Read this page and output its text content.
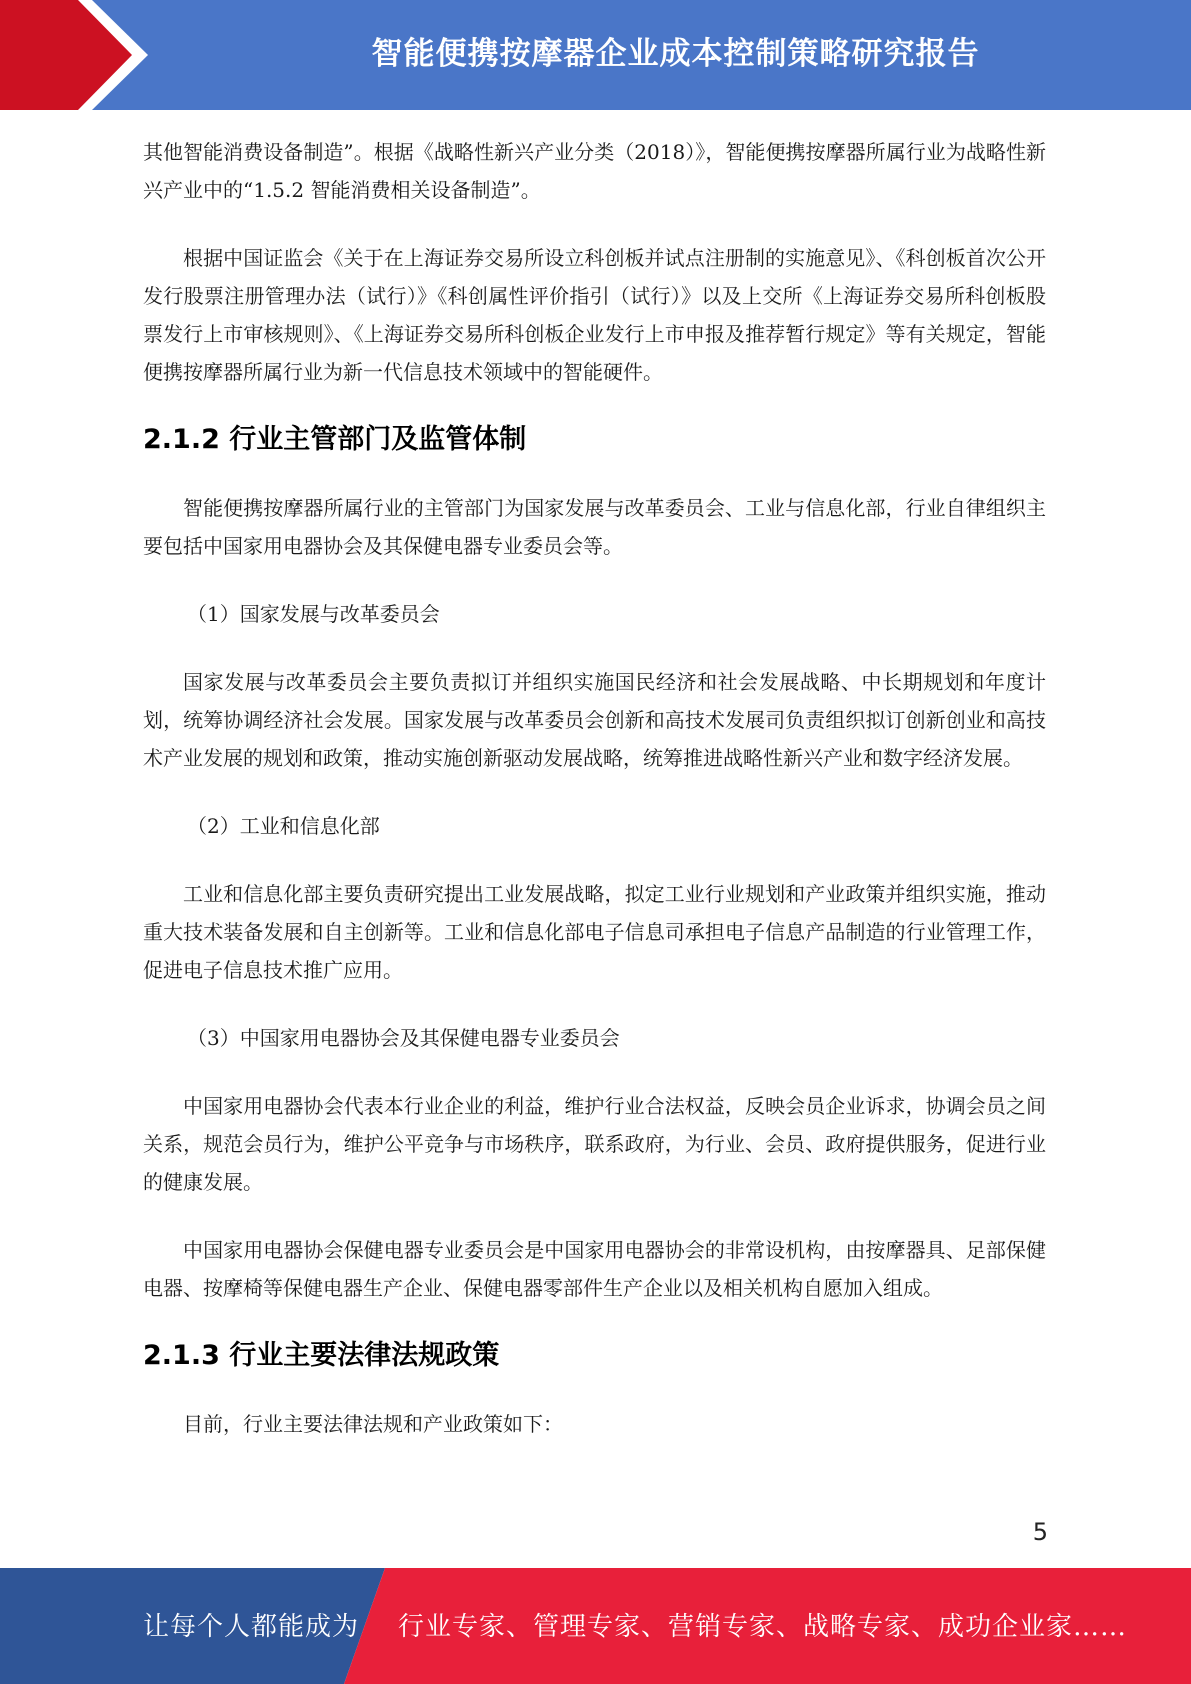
智能便携按摩器企业成本控制策略研究报告

其他智能消费设备制造”。根据《战略性新兴产业分类（2018）》，智能便携按摩器所属行业为战略性新兴产业中的“1.5.2 智能消费相关设备制造”。

根据中国证监会《关于在上海证券交易所设立科创板并试点注册制的实施意见》、《科创板首次公开发行股票注册管理办法（试行）》《科创属性评价指引（试行）》以及上交所《上海证券交易所科创板股票发行上市审核规则》、《上海证券交易所科创板企业发行上市申报及推荐暂行规定》等有关规定，智能便携按摩器所属行业为新一代信息技术领域中的智能硬件。

2.1.2 行业主管部门及监管体制

智能便携按摩器所属行业的主管部门为国家发展与改革委员会、工业与信息化部，行业自律组织主要包括中国家用电器协会及其保健电器专业委员会等。

（1）国家发展与改革委员会

国家发展与改革委员会主要负责拟订并组织实施国民经济和社会发展战略、中长期规划和年度计划，统筹协调经济社会发展。国家发展与改革委员会创新和高技术发展司负责组织拟订创新创业和高技术产业发展的规划和政策，推动实施创新驱动发展战略，统筹推进战略性新兴产业和数字经济发展。

（2）工业和信息化部

工业和信息化部主要负责研究提出工业发展战略，拟定工业行业规划和产业政策并组织实施，推动重大技术装备发展和自主创新等。工业和信息化部电子信息司承担电子信息产品制造的行业管理工作，促进电子信息技术推广应用。

（3）中国家用电器协会及其保健电器专业委员会

中国家用电器协会代表本行业企业的利益，维护行业合法权益，反映会员企业诉求，协调会员之间关系，规范会员行为，维护公平竞争与市场秩序，联系政府，为行业、会员、政府提供服务，促进行业的健康发展。

中国家用电器协会保健电器专业委员会是中国家用电器协会的非常设机构，由按摩器具、足部保健电器、按摩椅等保健电器生产企业、保健电器零部件生产企业以及相关机构自愿加入组成。

2.1.3 行业主要法律法规政策

目前，行业主要法律法规和产业政策如下：

5
让每个人都能成为 行业专家、管理专家、营销专家、战略专家、成功企业家……
